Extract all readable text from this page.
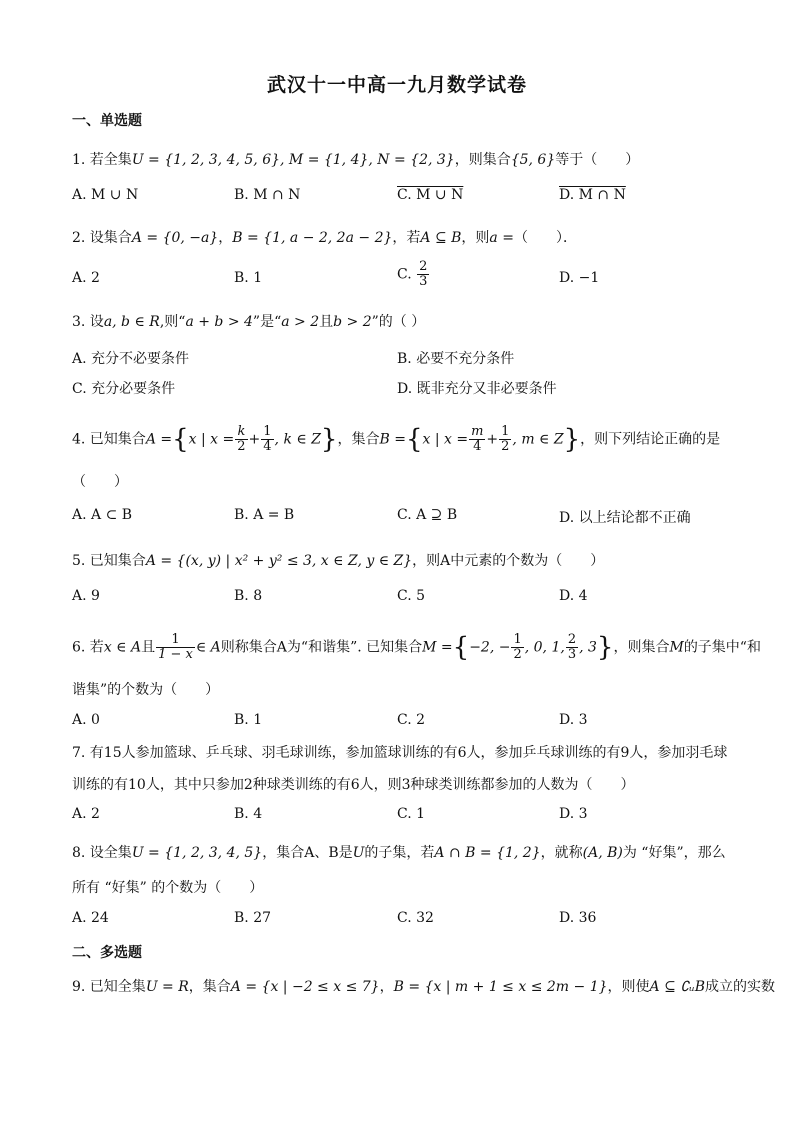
武汉十一中高一九月数学试卷
一、单选题
1. 若全集U = {1, 2, 3, 4, 5, 6}, M = {1, 4}, N = {2, 3}，则集合{5, 6}等于（　　）
A. M ∪ N	B. M ∩ N	C. M ∪ N	D. M ∩ N
2. 设集合A = {0, −a}，B = {1, a − 2, 2a − 2}，若A ⊆ B，则a =（　　）．
A. 2	B. 1	C. $\frac{2}{3}$	D. −1
3. 设a, b ∈ R,则“a + b > 4”是“a > 2且b > 2”的（ ）
A. 充分不必要条件	B. 必要不充分条件
C. 充分必要条件	D. 既非充分又非必要条件
4. 已知集合A ={x | $x = \frac{k}{2} + \frac{1}{4}$ , k ∈ Z}，集合B ={x | $x = \frac{m}{4} + \frac{1}{2}$ , m ∈ Z}，则下列结论正确的是
（　　）
A. A ⊂ B	B. A = B	C. A ⊇ B	D. 以上结论都不正确
5. 已知集合A = {(x, y) | x² + y² ≤ 3, x ∈ Z, y ∈ Z}，则A中元素的个数为（　　）
A. 9	B. 8	C. 5	D. 4
6. 若x ∈ A且 $\frac{1}{1 - x}$ ∈ A则称集合A为“和谐集”. 已知集合M ={−2, − $\frac{1}{2}$ , 0, 1, $\frac{2}{3}$ , 3}，则集合M的子集中“和
谐集”的个数为（　　）
A. 0	B. 1	C. 2	D. 3
7. 有15人参加篮球、乒乓球、羽毛球训练，参加篮球训练的有6人，参加乒乓球训练的有9人，参加羽毛球
训练的有10人，其中只参加2种球类训练的有6人，则3种球类训练都参加的人数为（　　）
A. 2	B. 4	C. 1	D. 3
8. 设全集U = {1, 2, 3, 4, 5}，集合A、B是U的子集，若A ∩ B = {1, 2}，就称(A, B)为 “好集”，那么
所有 “好集” 的个数为（　　）
A. 24	B. 27	C. 32	D. 36
二、多选题
9. 已知全集U = R，集合A = {x | −2 ≤ x ≤ 7}，B = {x | m + 1 ≤ x ≤ 2m − 1}，则使A ⊆ ∁ᵤB成立的实数
